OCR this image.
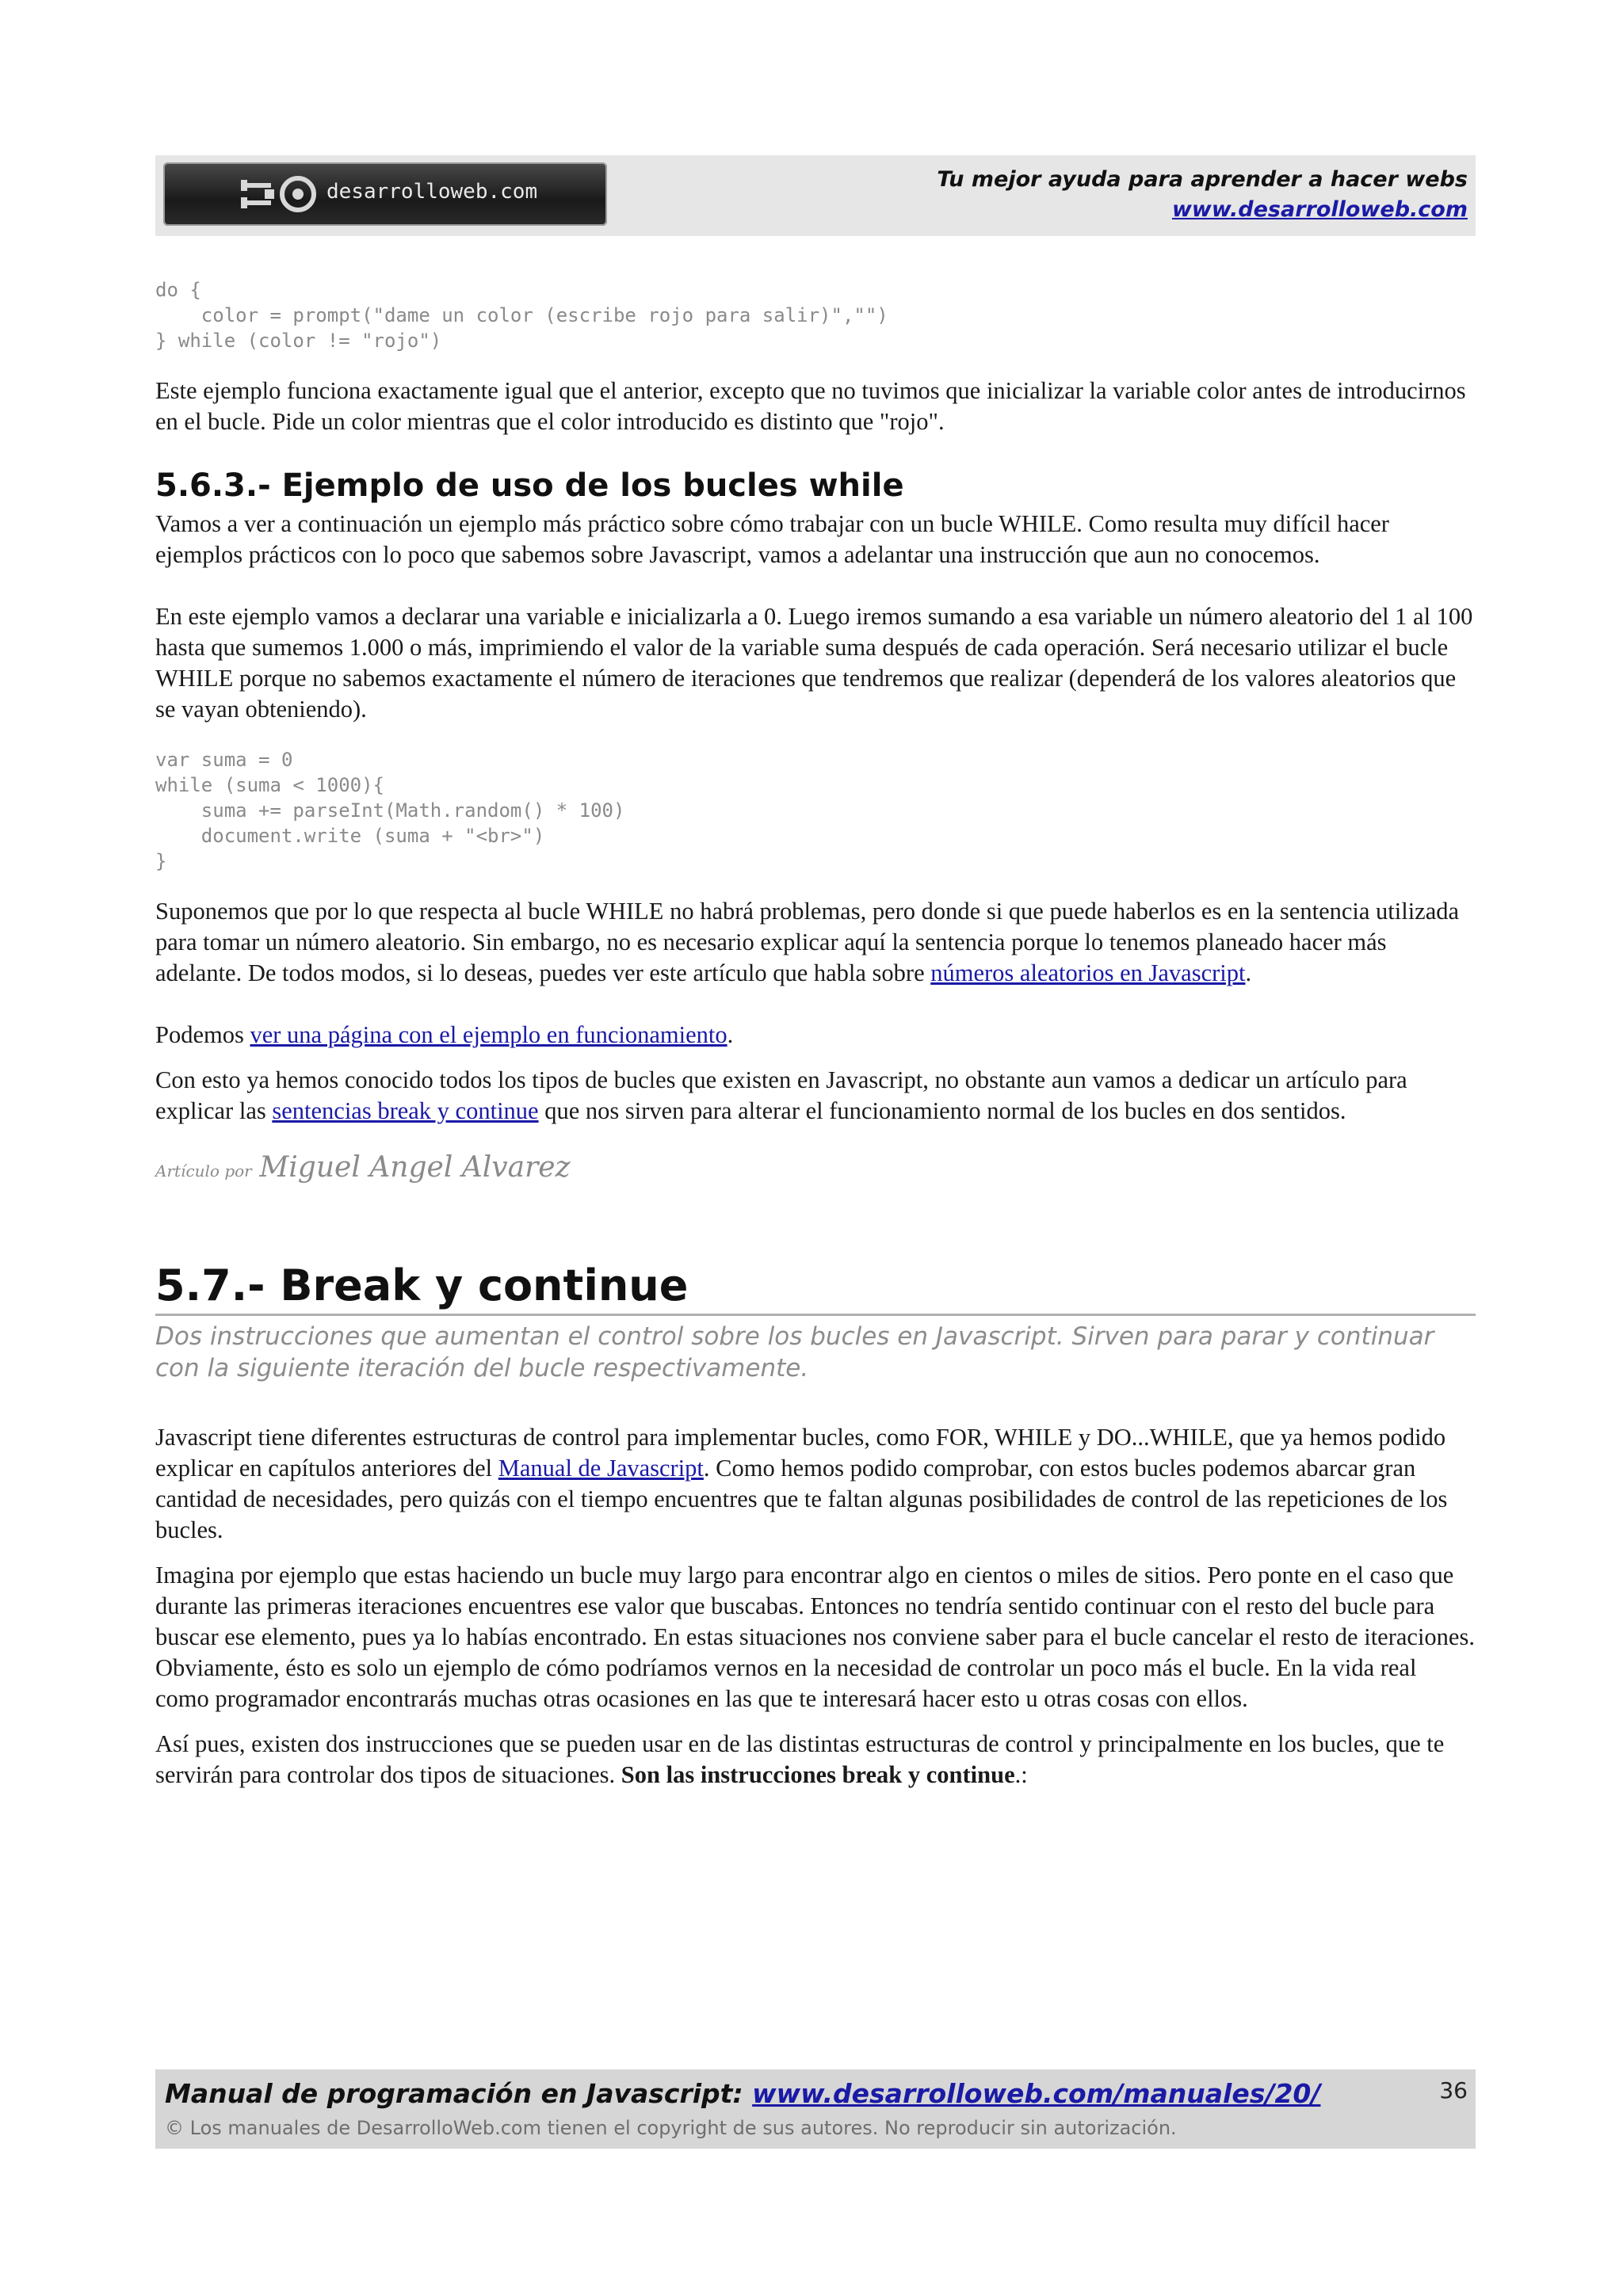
desarrolloweb.com	Tu mejor ayuda para aprender a hacer webs
www.desarrolloweb.com
do {
color = prompt("dame un color (escribe rojo para salir)","")
} while (color != "rojo")

Este ejemplo funciona exactamente igual que el anterior, excepto que no tuvimos que inicializar la variable color antes de introducirnos en el bucle. Pide un color mientras que el color introducido es distinto que "rojo".

5.6.3.- Ejemplo de uso de los bucles while

Vamos a ver a continuación un ejemplo más práctico sobre cómo trabajar con un bucle WHILE. Como resulta muy difícil hacer ejemplos prácticos con lo poco que sabemos sobre Javascript, vamos a adelantar una instrucción que aun no conocemos.

En este ejemplo vamos a declarar una variable e inicializarla a 0. Luego iremos sumando a esa variable un número aleatorio del 1 al 100 hasta que sumemos 1.000 o más, imprimiendo el valor de la variable suma después de cada operación. Será necesario utilizar el bucle WHILE porque no sabemos exactamente el número de iteraciones que tendremos que realizar (dependerá de los valores aleatorios que se vayan obteniendo).

var suma = 0
while (suma < 1000){
suma += parseInt(Math.random() * 100)
document.write (suma + "<br>")
}

Suponemos que por lo que respecta al bucle WHILE no habrá problemas, pero donde si que puede haberlos es en la sentencia utilizada para tomar un número aleatorio. Sin embargo, no es necesario explicar aquí la sentencia porque lo tenemos planeado hacer más adelante. De todos modos, si lo deseas, puedes ver este artículo que habla sobre números aleatorios en Javascript.

Podemos ver una página con el ejemplo en funcionamiento.

Con esto ya hemos conocido todos los tipos de bucles que existen en Javascript, no obstante aun vamos a dedicar un artículo para explicar las sentencias break y continue que nos sirven para alterar el funcionamiento normal de los bucles en dos sentidos.

Artículo por Miguel Angel Alvarez

5.7.- Break y continue

Dos instrucciones que aumentan el control sobre los bucles en Javascript. Sirven para parar y continuar con la siguiente iteración del bucle respectivamente.

Javascript tiene diferentes estructuras de control para implementar bucles, como FOR, WHILE y DO...WHILE, que ya hemos podido explicar en capítulos anteriores del Manual de Javascript. Como hemos podido comprobar, con estos bucles podemos abarcar gran cantidad de necesidades, pero quizás con el tiempo encuentres que te faltan algunas posibilidades de control de las repeticiones de los bucles.

Imagina por ejemplo que estas haciendo un bucle muy largo para encontrar algo en cientos o miles de sitios. Pero ponte en el caso que durante las primeras iteraciones encuentres ese valor que buscabas. Entonces no tendría sentido continuar con el resto del bucle para buscar ese elemento, pues ya lo habías encontrado. En estas situaciones nos conviene saber para el bucle cancelar el resto de iteraciones. Obviamente, ésto es solo un ejemplo de cómo podríamos vernos en la necesidad de controlar un poco más el bucle. En la vida real como programador encontrarás muchas otras ocasiones en las que te interesará hacer esto u otras cosas con ellos.

Así pues, existen dos instrucciones que se pueden usar en de las distintas estructuras de control y principalmente en los bucles, que te servirán para controlar dos tipos de situaciones. Son las instrucciones break y continue.:

Manual de programación en Javascript: www.desarrolloweb.com/manuales/20/
© Los manuales de DesarrolloWeb.com tienen el copyright de sus autores. No reproducir sin autorización.
36
